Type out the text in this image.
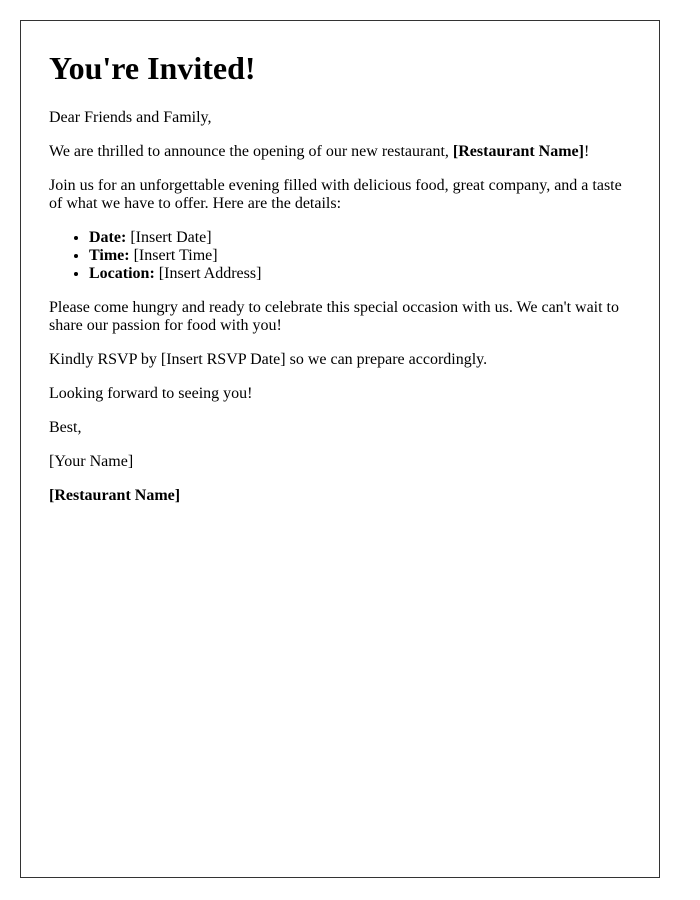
You're Invited!

Dear Friends and Family,

We are thrilled to announce the opening of our new restaurant, [Restaurant Name]!

Join us for an unforgettable evening filled with delicious food, great company, and a taste of what we have to offer. Here are the details:

• Date: [Insert Date]
• Time: [Insert Time]
• Location: [Insert Address]

Please come hungry and ready to celebrate this special occasion with us. We can't wait to share our passion for food with you!

Kindly RSVP by [Insert RSVP Date] so we can prepare accordingly.

Looking forward to seeing you!

Best,

[Your Name]

[Restaurant Name]
